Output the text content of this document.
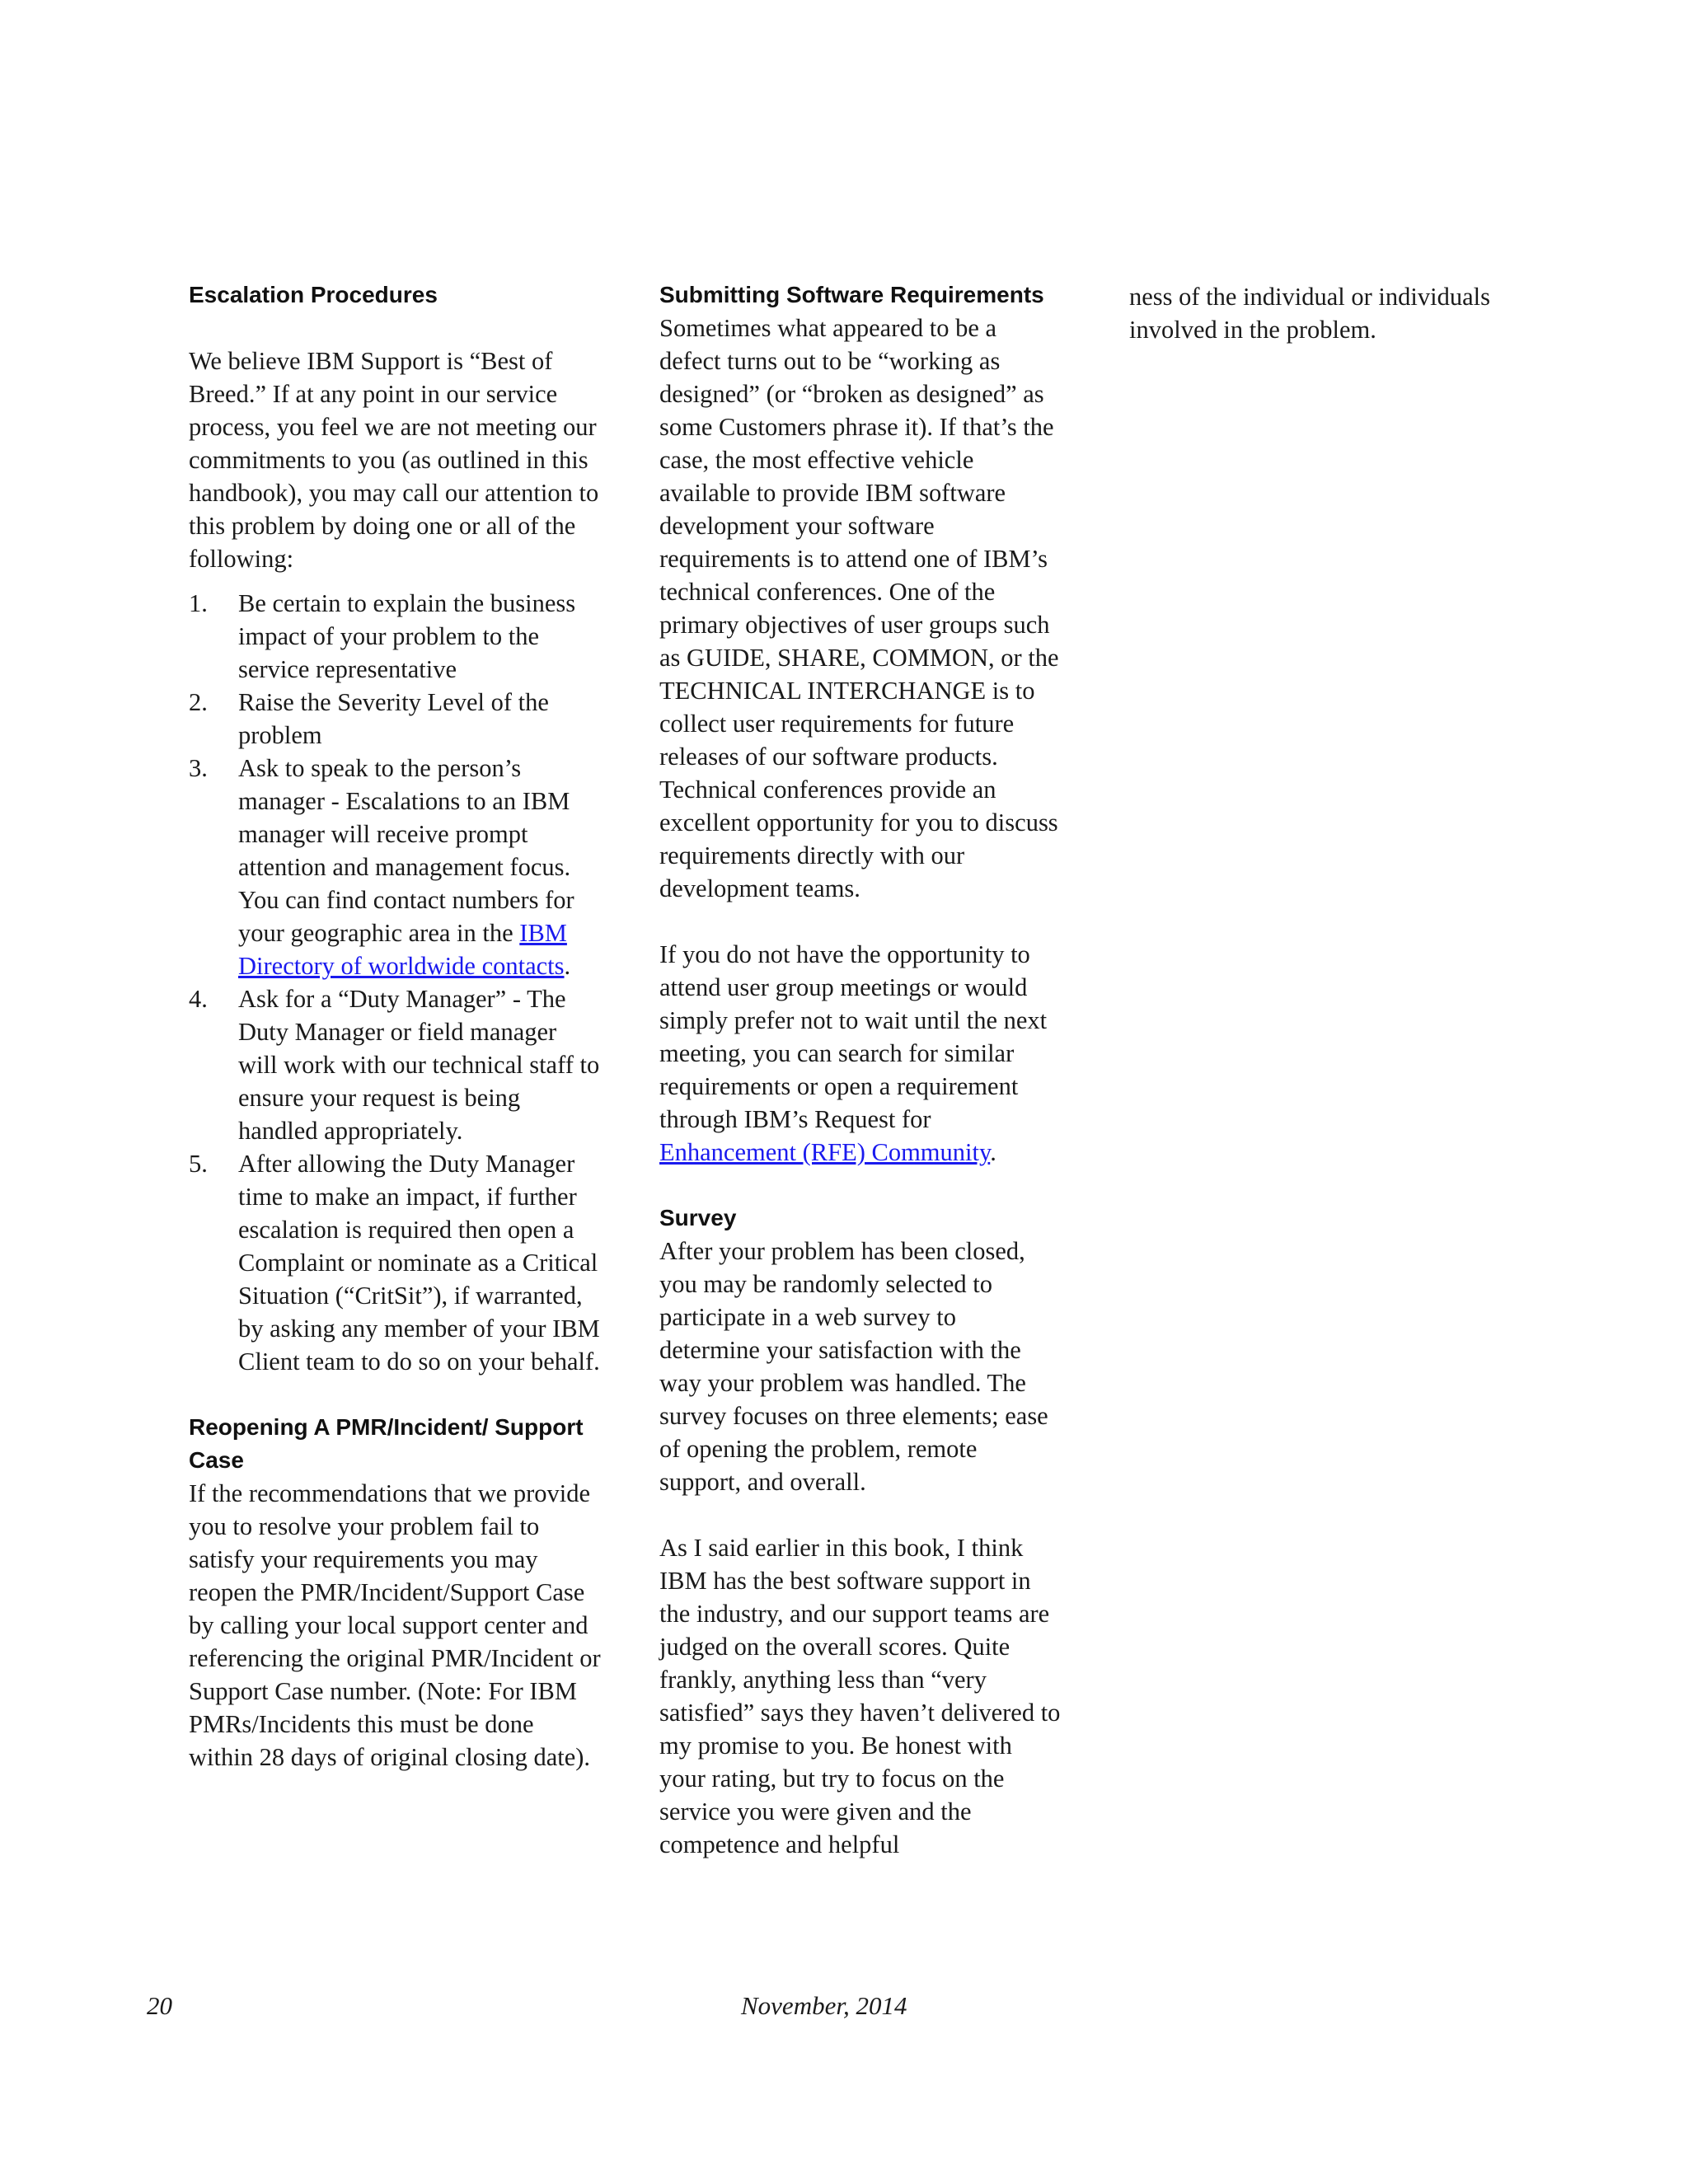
Escalation Procedures

We believe IBM Support is “Best of Breed.” If at any point in our service process, you feel we are not meeting our commitments to you (as outlined in this handbook), you may call our attention to this problem by doing one or all of the following:

1.	Be certain to explain the business impact of your problem to the service representative
2.	Raise the Severity Level of the problem
3.	Ask to speak to the person’s manager - Escalations to an IBM manager will receive prompt attention and management focus. You can find contact numbers for your geographic area in the IBM Directory of worldwide contacts.
4.	Ask for a “Duty Manager” - The Duty Manager or field manager will work with our technical staff to ensure your request is being handled appropriately.
5.	After allowing the Duty Manager time to make an impact, if further escalation is required then open a Complaint or nominate as a Critical Situation (“CritSit”), if warranted, by asking any member of your IBM Client team to do so on your behalf.
Reopening A PMR/Incident/ Support Case

If the recommendations that we provide you to resolve your problem fail to satisfy your requirements you may reopen the PMR/Incident/Support Case by calling your local support center and referencing the original PMR/Incident or Support Case number. (Note: For IBM PMRs/Incidents this must be done within 28 days of original closing date).

Submitting Software Requirements

Sometimes what appeared to be a defect turns out to be “working as designed” (or “broken as designed” as some Customers phrase it). If that’s the case, the most effective vehicle available to provide IBM software development your software requirements is to attend one of IBM’s technical conferences. One of the primary objectives of user groups such as GUIDE, SHARE, COMMON, or the TECHNICAL INTERCHANGE is to collect user requirements for future releases of our software products. Technical conferences provide an excellent opportunity for you to discuss requirements directly with our development teams.

If you do not have the opportunity to attend user group meetings or would simply prefer not to wait until the next meeting, you can search for similar requirements or open a requirement through IBM’s Request for Enhancement (RFE) Community.

Survey

After your problem has been closed, you may be randomly selected to participate in a web survey to determine your satisfaction with the way your problem was handled. The survey focuses on three elements; ease of opening the problem, remote support, and overall.

As I said earlier in this book, I think IBM has the best software support in the industry, and our support teams are judged on the overall scores. Quite frankly, anything less than “very satisfied” says they haven’t delivered to my promise to you. Be honest with your rating, but try to focus on the service you were given and the competence and helpful

ness of the individual or individuals involved in the problem.

20	November, 2014
